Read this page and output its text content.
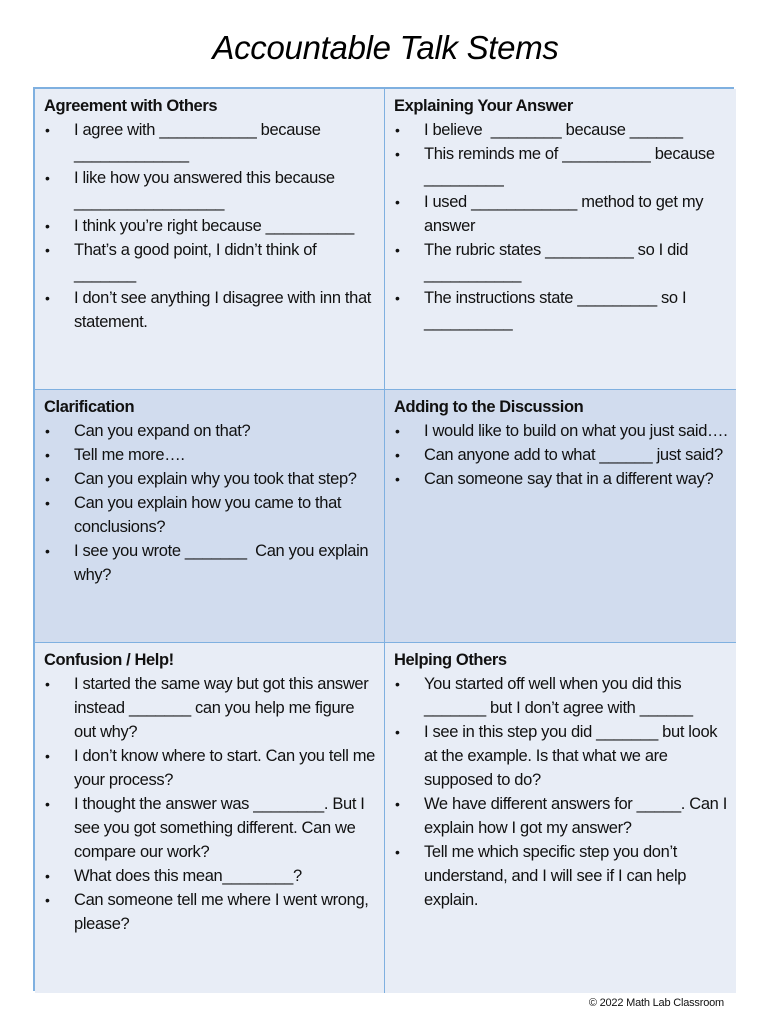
Accountable Talk Stems
Agreement with Others
• I agree with ___________ because _____________
• I like how you answered this because _________________
• I think you’re right because __________
• That’s a good point, I didn’t think of _______
• I don’t see anything I disagree with inn that statement.
Explaining Your Answer
• I believe  ________ because ______
• This reminds me of __________ because _________
• I used ____________ method to get my answer
• The rubric states __________ so I did ___________
• The instructions state _________ so I __________
Clarification
• Can you expand on that?
• Tell me more….
• Can you explain why you took that step?
• Can you explain how you came to that conclusions?
• I see you wrote _______  Can you explain why?
Adding to the Discussion
• I would like to build on what you just said….
• Can anyone add to what ______ just said?
• Can someone say that in a different way?
Confusion / Help!
• I started the same way but got this answer instead _______ can you help me figure out why?
• I don’t know where to start. Can you tell me your process?
• I thought the answer was ________. But I see you got something different. Can we compare our work?
• What does this mean________?
• Can someone tell me where I went wrong, please?
Helping Others
• You started off well when you did this _______ but I don’t agree with ______
• I see in this step you did _______ but look at the example. Is that what we are supposed to do?
• We have different answers for _____. Can I explain how I got my answer?
• Tell me which specific step you don’t understand, and I will see if I can help explain.
© 2022 Math Lab Classroom
